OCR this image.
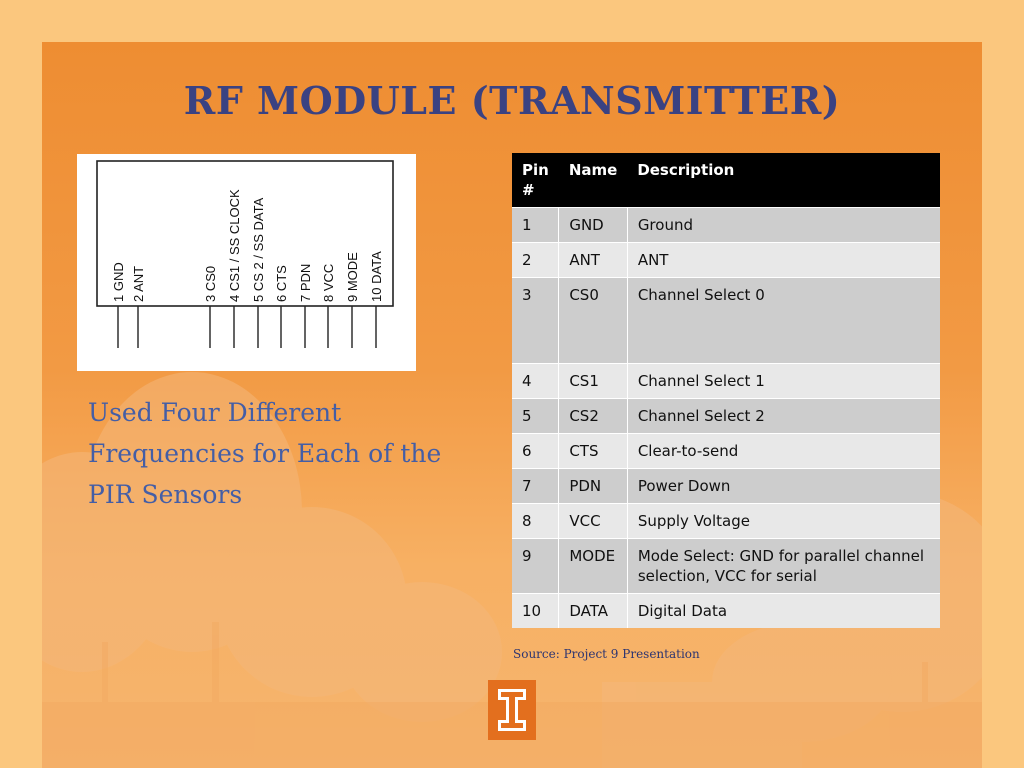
RF MODULE (TRANSMITTER)
1 GND 2 ANT	3 CS0 4 CS1 / SS CLOCK 5 CS 2 / SS DATA 6 CTS 7 PDN 8 VCC 9 MODE 10 DATA
Used Four Different Frequencies for Each of the PIR Sensors
Pin #	Name	Description
1	GND	Ground
2	ANT	ANT
3	CS0	Channel Select 0
4	CS1	Channel Select 1
5	CS2	Channel Select 2
6	CTS	Clear-to-send
7	PDN	Power Down
8	VCC	Supply Voltage
9	MODE	Mode Select: GND for parallel channel selection, VCC for serial
10	DATA	Digital Data
Source: Project 9 Presentation
